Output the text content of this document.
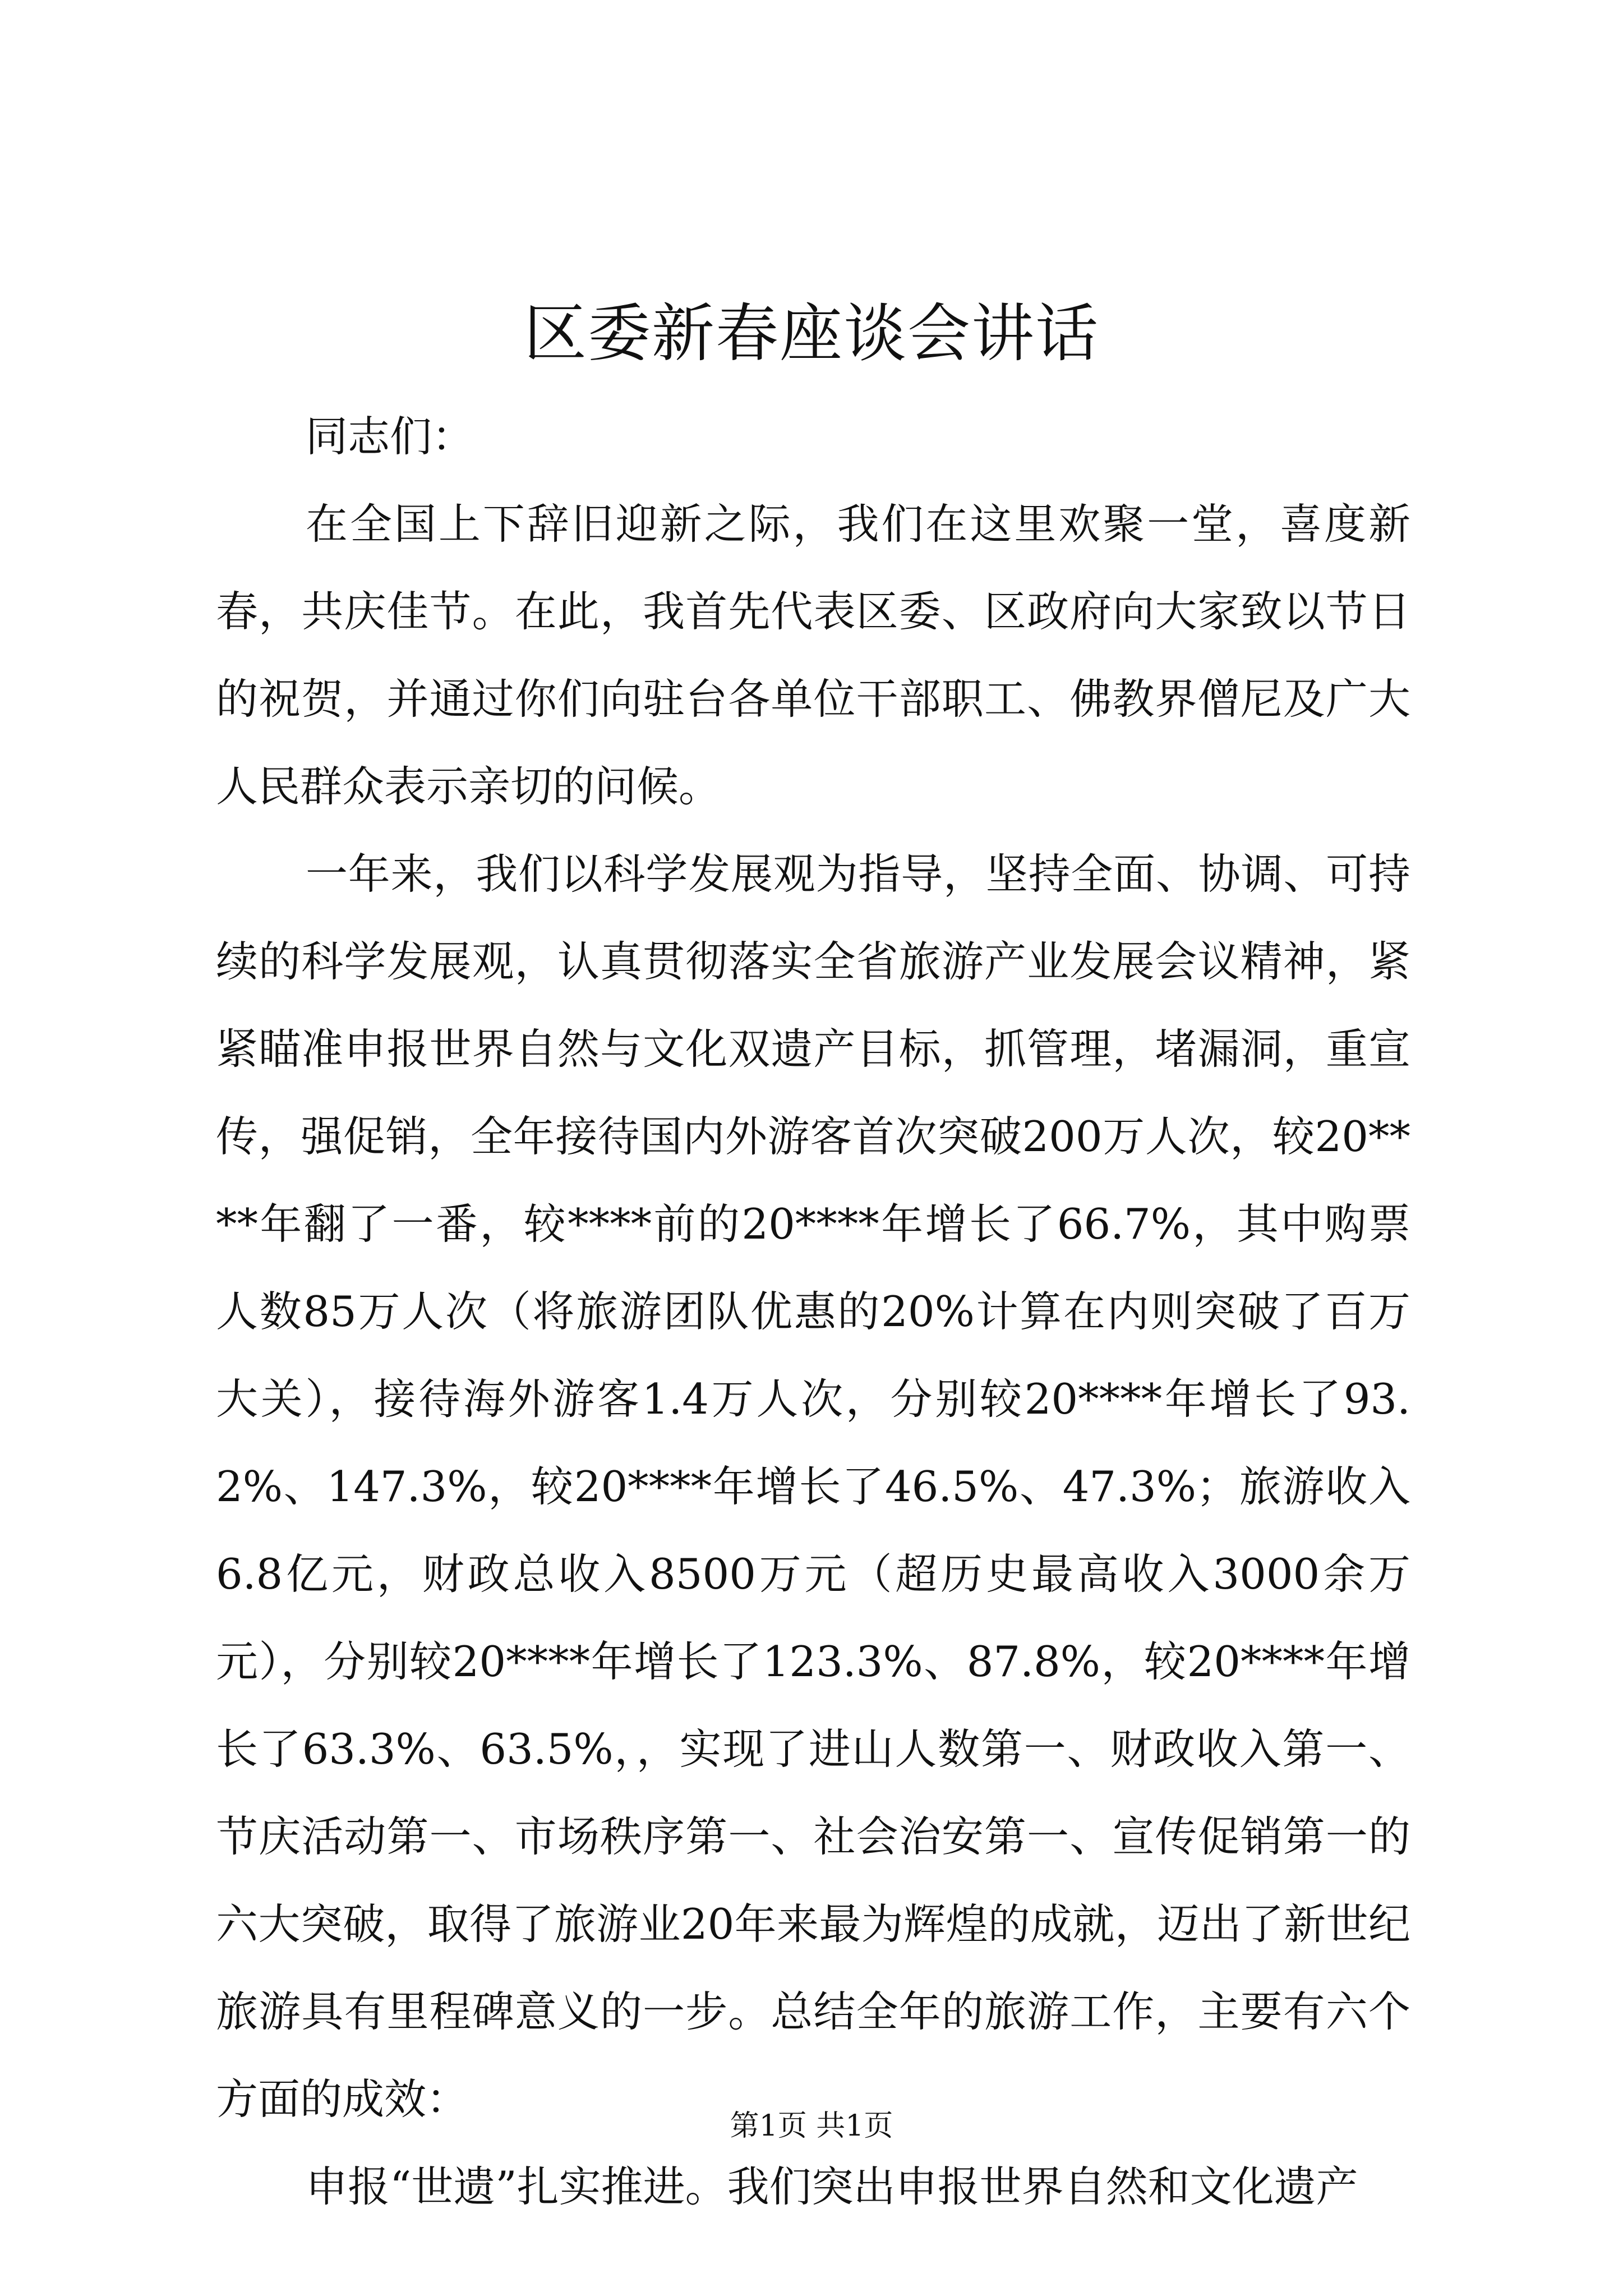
区委新春座谈会讲话

同志们：

在全国上下辞旧迎新之际，我们在这里欢聚一堂，喜度新春，共庆佳节。在此，我首先代表区委、区政府向大家致以节日的祝贺，并通过你们向驻台各单位干部职工、佛教界僧尼及广大人民群众表示亲切的问候。

一年来，我们以科学发展观为指导，坚持全面、协调、可持续的科学发展观，认真贯彻落实全省旅游产业发展会议精神，紧紧瞄准申报世界自然与文化双遗产目标，抓管理，堵漏洞，重宣传，强促销，全年接待国内外游客首次突破200万人次，较20****年翻了一番，较****前的20****年增长了66.7%，其中购票人数85万人次（将旅游团队优惠的20%计算在内则突破了百万大关），接待海外游客1.4万人次，分别较20****年增长了93.2%、147.3%，较20****年增长了46.5%、47.3%；旅游收入6.8亿元，财政总收入8500万元（超历史最高收入3000余万元），分别较20****年增长了123.3%、87.8%，较20****年增长了63.3%、63.5%，，实现了进山人数第一、财政收入第一、节庆活动第一、市场秩序第一、社会治安第一、宣传促销第一的六大突破，取得了旅游业20年来最为辉煌的成就，迈出了新世纪旅游具有里程碑意义的一步。总结全年的旅游工作，主要有六个方面的成效：

申报“世遗”扎实推进。我们突出申报世界自然和文化遗产

第1页 共1页
